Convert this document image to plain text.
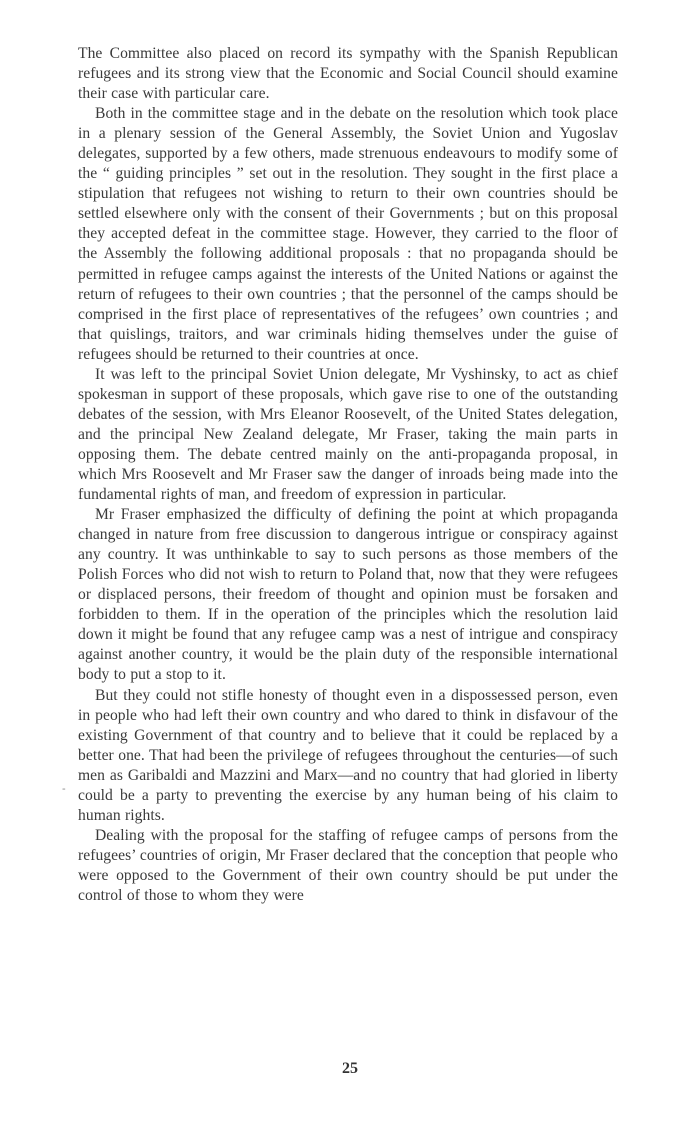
The Committee also placed on record its sympathy with the Spanish Republican refugees and its strong view that the Economic and Social Council should examine their case with particular care.

Both in the committee stage and in the debate on the resolution which took place in a plenary session of the General Assembly, the Soviet Union and Yugoslav delegates, supported by a few others, made strenuous endeavours to modify some of the “ guiding principles ” set out in the resolution. They sought in the first place a stipulation that refugees not wishing to return to their own countries should be settled elsewhere only with the consent of their Governments ; but on this proposal they accepted defeat in the committee stage. However, they carried to the floor of the Assembly the following additional proposals : that no propaganda should be permitted in refugee camps against the interests of the United Nations or against the return of refugees to their own countries ; that the personnel of the camps should be comprised in the first place of representatives of the refugees’ own countries ; and that quislings, traitors, and war criminals hiding themselves under the guise of refugees should be returned to their countries at once.

It was left to the principal Soviet Union delegate, Mr Vyshinsky, to act as chief spokesman in support of these proposals, which gave rise to one of the outstanding debates of the session, with Mrs Eleanor Roosevelt, of the United States delegation, and the principal New Zealand delegate, Mr Fraser, taking the main parts in opposing them. The debate centred mainly on the anti-propaganda proposal, in which Mrs Roosevelt and Mr Fraser saw the danger of inroads being made into the fundamental rights of man, and freedom of expression in particular.

Mr Fraser emphasized the difficulty of defining the point at which propaganda changed in nature from free discussion to dangerous intrigue or conspiracy against any country. It was unthinkable to say to such persons as those members of the Polish Forces who did not wish to return to Poland that, now that they were refugees or displaced persons, their freedom of thought and opinion must be forsaken and forbidden to them. If in the operation of the principles which the resolution laid down it might be found that any refugee camp was a nest of intrigue and conspiracy against another country, it would be the plain duty of the responsible international body to put a stop to it.

But they could not stifle honesty of thought even in a dispossessed person, even in people who had left their own country and who dared to think in disfavour of the existing Government of that country and to believe that it could be replaced by a better one. That had been the privilege of refugees throughout the centuries—of such men as Garibaldi and Mazzini and Marx—and no country that had gloried in liberty could be a party to preventing the exercise by any human being of his claim to human rights.

Dealing with the proposal for the staffing of refugee camps of persons from the refugees’ countries of origin, Mr Fraser declared that the conception that people who were opposed to the Government of their own country should be put under the control of those to whom they were

-
25
